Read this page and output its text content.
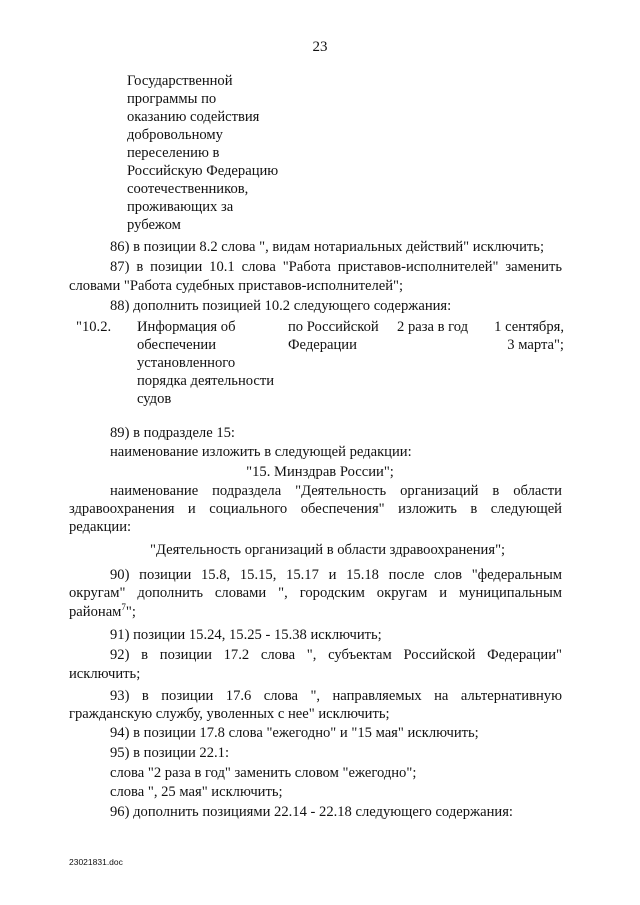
23
Государственной
программы по
оказанию содействия
добровольному
переселению в
Российскую Федерацию
соотечественников,
проживающих за
рубежом
86) в позиции 8.2 слова ", видам нотариальных действий" исключить;
87) в позиции 10.1 слова "Работа приставов-исполнителей" заменить
словами "Работа судебных приставов-исполнителей";
88) дополнить позицией 10.2 следующего содержания:
"10.2. Информация об
обеспечении
установленного
порядка деятельности
судов
по Российской
Федерации
2 раза в год	1 сентября,
3 марта";
89) в подразделе 15:
наименование изложить в следующей редакции:
"15. Минздрав России";
наименование подраздела "Деятельность организаций в области
здравоохранения и социального обеспечения" изложить в следующей
редакции:
"Деятельность организаций в области здравоохранения";
90) позиции 15.8, 15.15, 15.17 и 15.18 после слов "федеральным
округам" дополнить словами ", городским округам и муниципальным
районам$^7$";
91) позиции 15.24, 15.25 - 15.38 исключить;
92) в позиции 17.2 слова ", субъектам Российской Федерации"
исключить;
93) в позиции 17.6 слова ", направляемых на альтернативную
гражданскую службу, уволенных с нее" исключить;
94) в позиции 17.8 слова "ежегодно" и "15 мая" исключить;
95) в позиции 22.1:
слова "2 раза в год" заменить словом "ежегодно";
слова ", 25 мая" исключить;
96) дополнить позициями 22.14 - 22.18 следующего содержания:
23021831.doc
